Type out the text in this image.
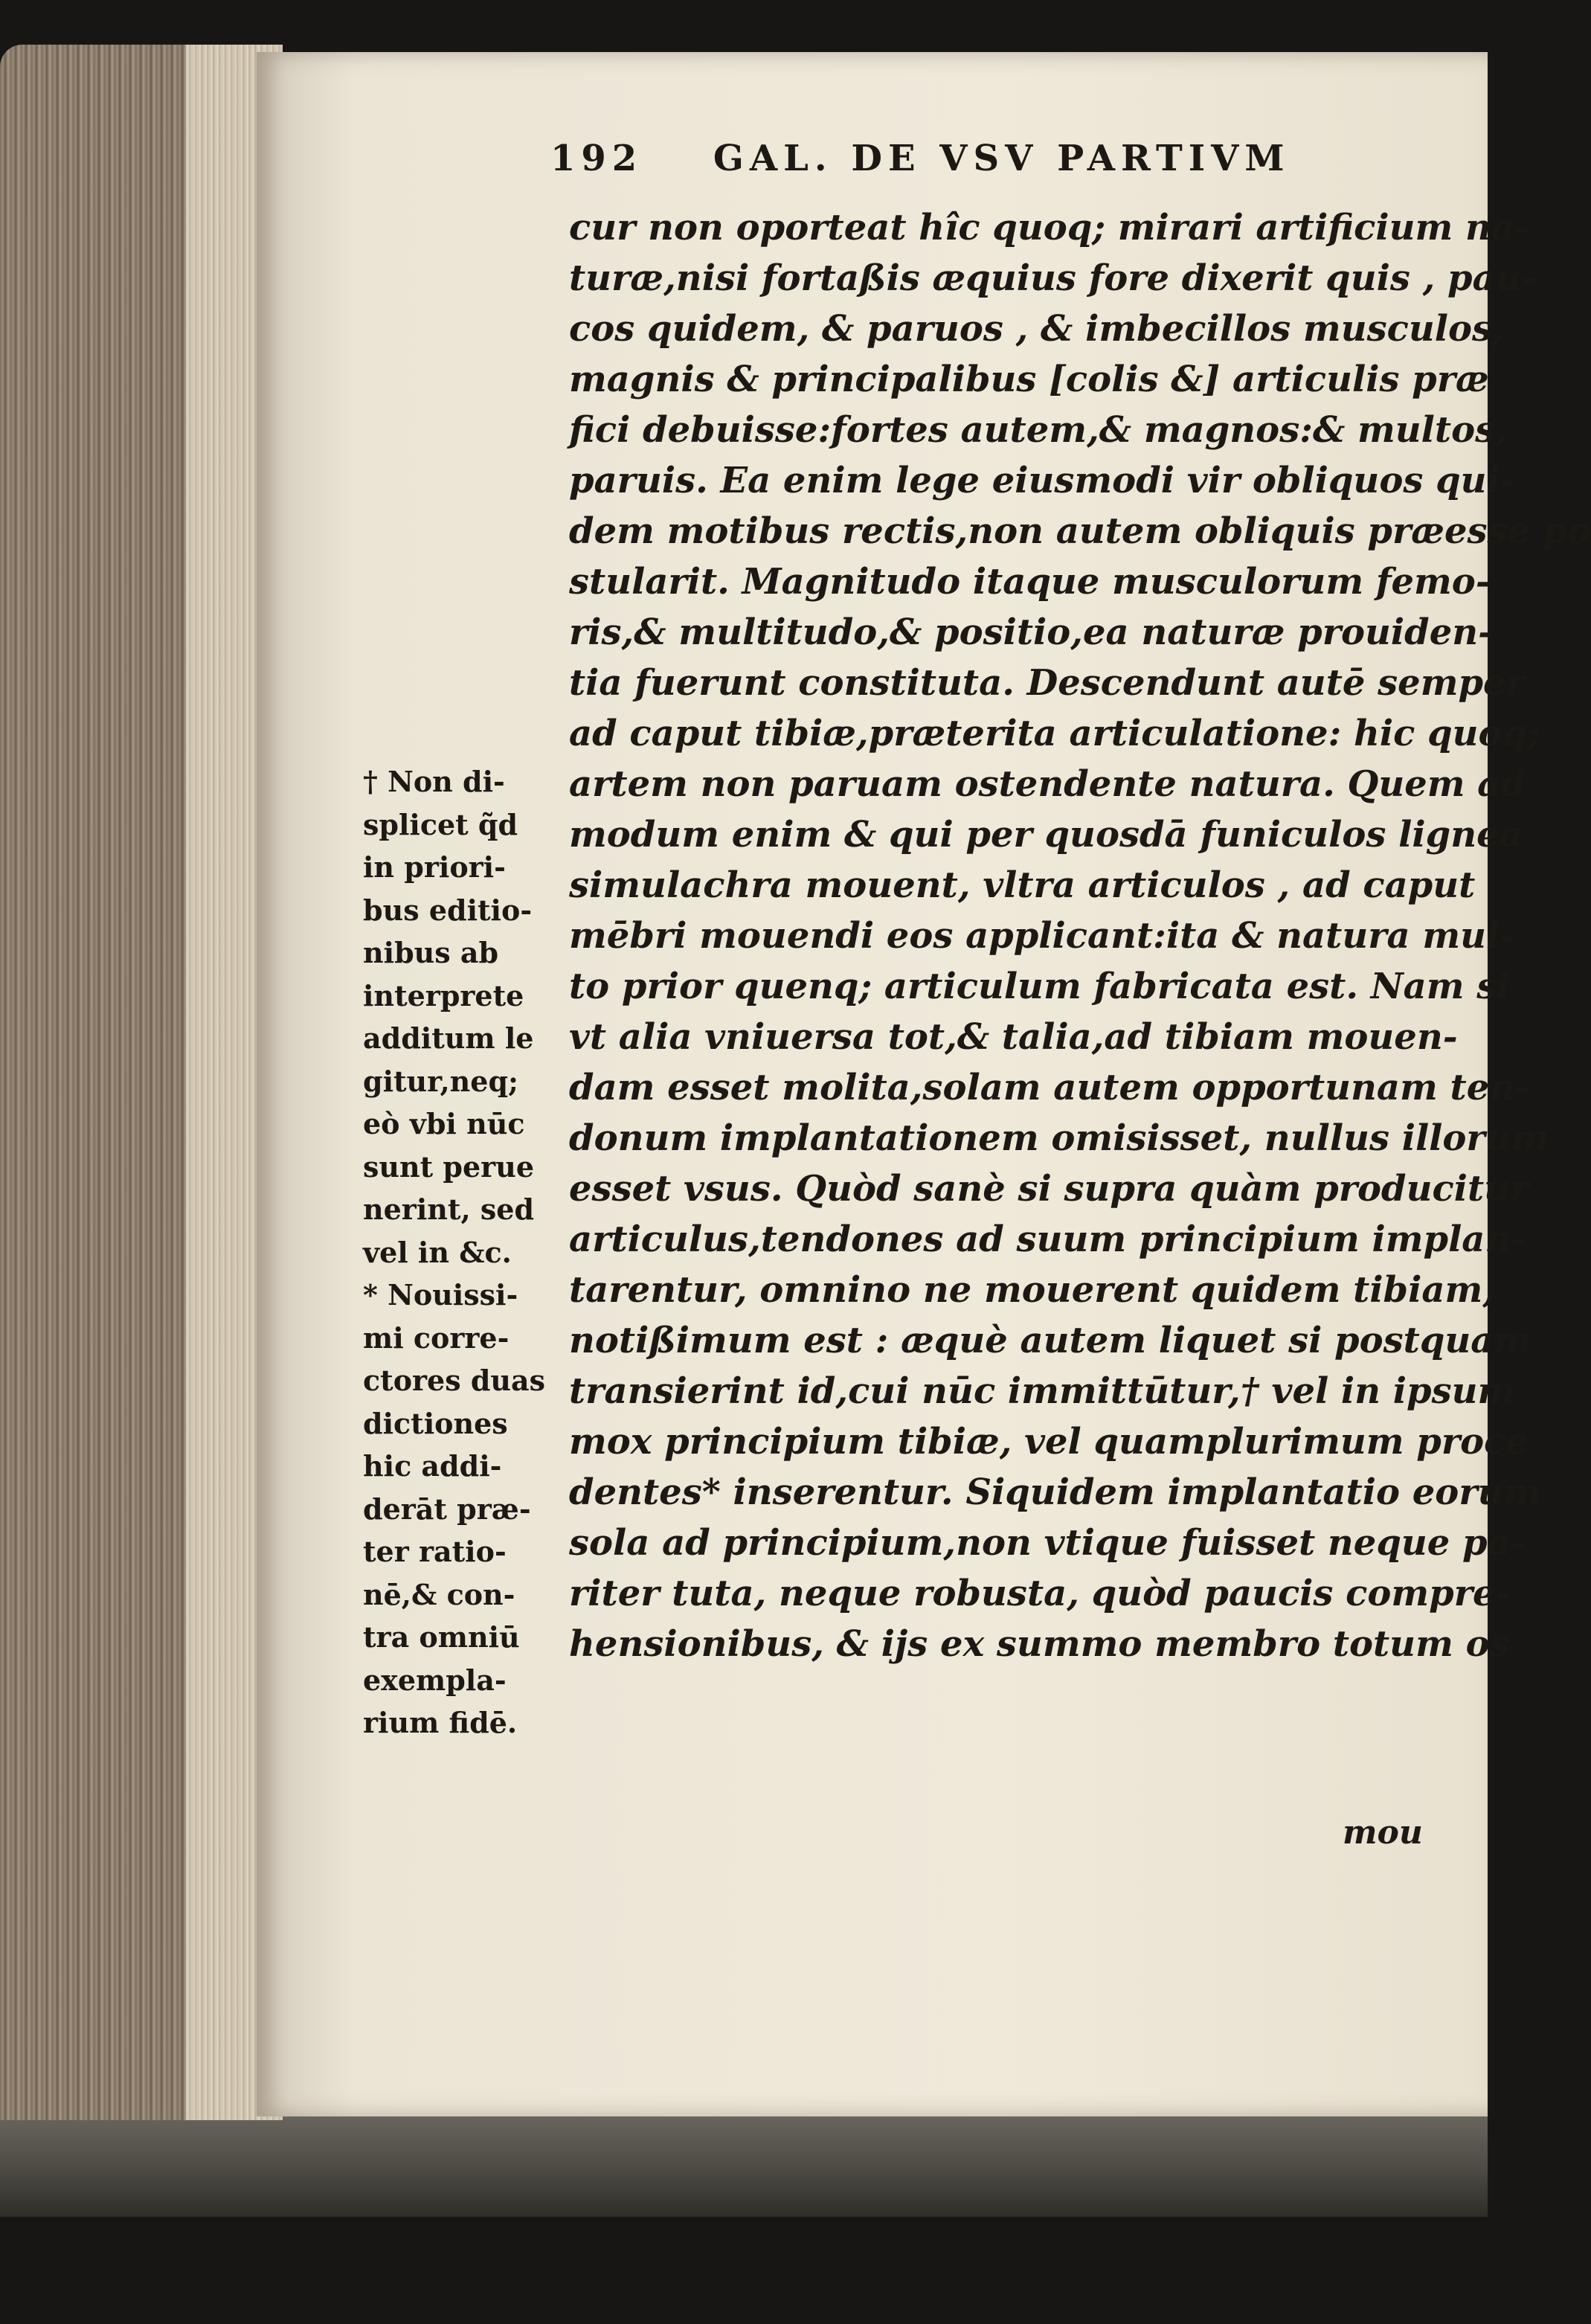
192 GAL. DE VSV PARTIVM
cur non oporteat hîc quoq; mirari artificium na-
turæ,nisi fortaßis æquius fore dixerit quis , pau-
cos quidem, & paruos , & imbecillos musculos,
magnis & principalibus [colis &] articulis præ
fici debuisse:fortes autem,& magnos:& multos,
paruis. Ea enim lege eiusmodi vir obliquos qui-
dem motibus rectis,non autem obliquis præesse po
stularit. Magnitudo itaque musculorum femo-
ris,& multitudo,& positio,ea naturæ prouiden-
tia fuerunt constituta. Descendunt autē semper
ad caput tibiæ,præterita articulatione: hic quoq;
artem non paruam ostendente natura. Quem ad
modum enim & qui per quosdā funiculos lignea
simulachra mouent, vltra articulos , ad caput
mēbri mouendi eos applicant:ita & natura mul-
to prior quenq; articulum fabricata est. Nam si
vt alia vniuersa tot,& talia,ad tibiam mouen-
dam esset molita,solam autem opportunam ten-
donum implantationem omisisset, nullus illorum
esset vsus. Quòd sanè si supra quàm producitur
articulus,tendones ad suum principium implan-
tarentur, omnino ne mouerent quidem tibiam,
notißimum est : æquè autem liquet si postquam
transierint id,cui nūc immittūtur,† vel in ipsum
mox principium tibiæ, vel quamplurimum proce
dentes* inserentur. Siquidem implantatio eorum
sola ad principium,non vtique fuisset neque pa-
riter tuta, neque robusta, quòd paucis compre-
hensionibus, & ijs ex summo membro totum os
† Non di-
splicet q̃d
in priori-
bus editio-
nibus ab
interprete
additum le
gitur,neq;
eò vbi nūc
sunt perue
nerint, sed
vel in &c.
* Nouissi-
mi corre-
ctores duas
dictiones
hic addi-
derāt præ-
ter ratio-
nē,& con-
tra omniū
exempla-
rium fidē.
mou
